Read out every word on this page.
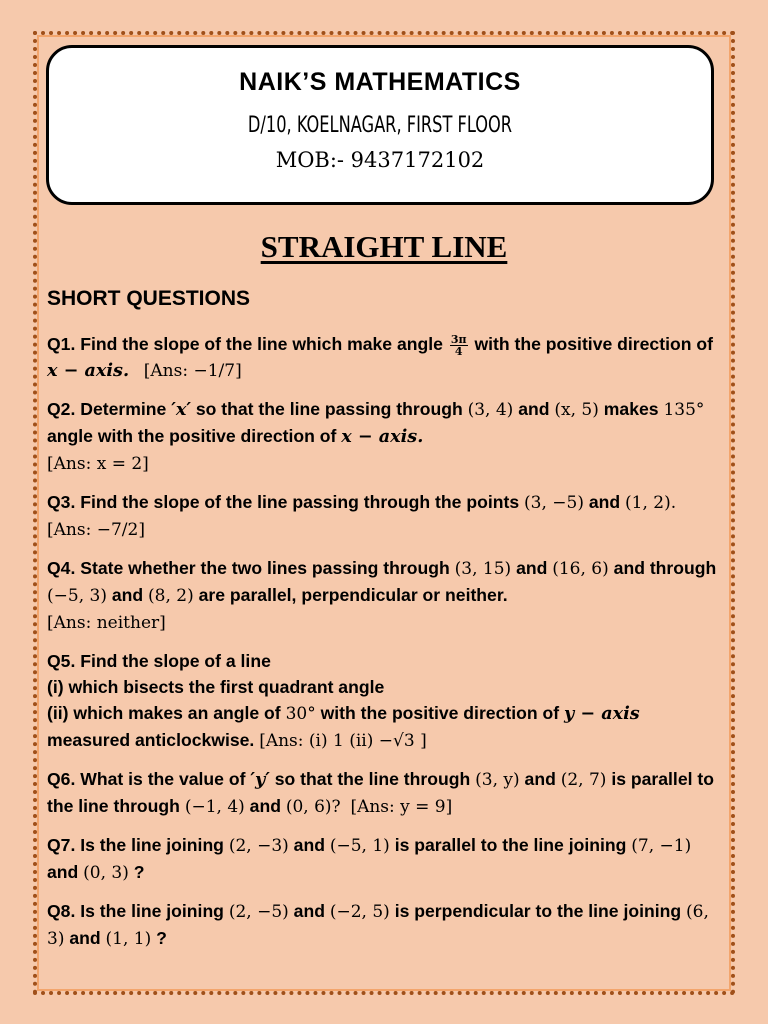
NAIK’S MATHEMATICS
D/10, KOELNAGAR, FIRST FLOOR
MOB:- 9437172102
STRAIGHT LINE
SHORT QUESTIONS
Q1. Find the slope of the line which make angle $\frac{3\pi}{4}$ with the positive direction of x − axis. [Ans: −1/7]
Q2. Determine ′x′ so that the line passing through (3, 4) and (x, 5) makes 135° angle with the positive direction of x − axis.
[Ans: x = 2]
Q3. Find the slope of the line passing through the points (3, −5) and (1, 2). [Ans: −7/2]
Q4. State whether the two lines passing through (3, 15) and (16, 6) and through (−5, 3) and (8, 2) are parallel, perpendicular or neither.
[Ans: neither]
Q5. Find the slope of a line
(i) which bisects the first quadrant angle
(ii) which makes an angle of 30° with the positive direction of y − axis measured anticlockwise. [Ans: (i) 1 (ii) −√3 ]
Q6. What is the value of ′y′ so that the line through (3, y) and (2, 7) is parallel to the line through (−1, 4) and (0, 6)? [Ans: y = 9]
Q7. Is the line joining (2, −3) and (−5, 1) is parallel to the line joining (7, −1) and (0, 3) ?
Q8. Is the line joining (2, −5) and (−2, 5) is perpendicular to the line joining (6, 3) and (1, 1) ?
